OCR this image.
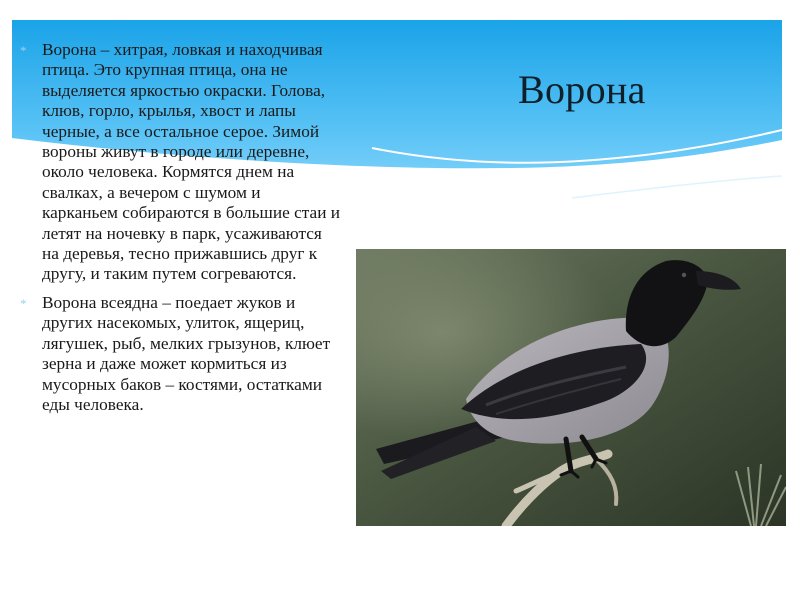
Ворона
* Ворона – хитрая, ловкая и находчивая птица. Это крупная птица, она не выделяется яркостью окраски. Голова, клюв, горло, крылья, хвост и лапы черные, а все остальное серое. Зимой вороны живут в городе или деревне, около человека. Кормятся днем на свалках, а вечером с шумом и карканьем собираются в большие стаи и летят на ночевку в парк, усаживаются на деревья, тесно прижавшись друг к другу, и таким путем согреваются.
* Ворона всеядна – поедает жуков и других насекомых, улиток, ящериц, лягушек, рыб, мелких грызунов, клюет зерна и даже может кормиться из мусорных баков – костями, остатками еды человека.
